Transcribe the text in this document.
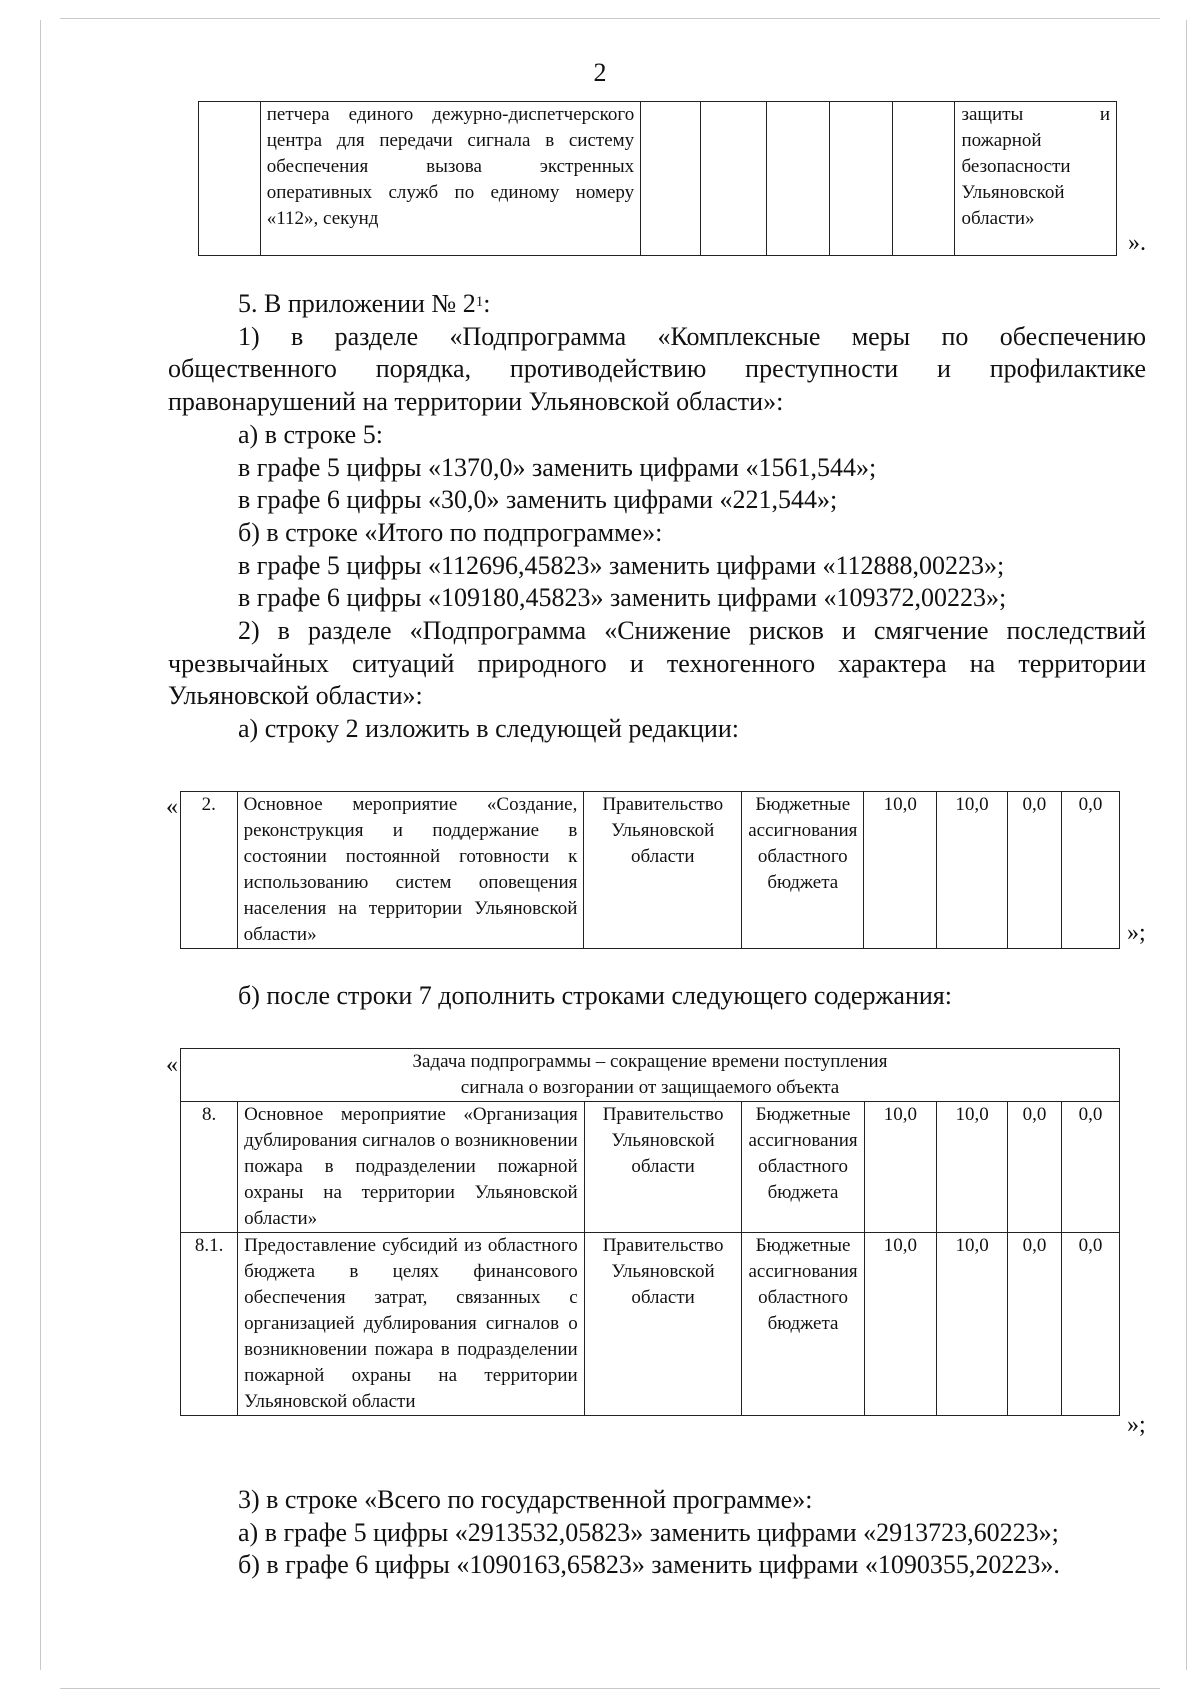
2
	петчера единого дежурно-диспетчерского центра для передачи сигнала в систему обеспечения вызова экстренных оперативных служб по единому номеру «112», секунд						защиты и пожарной безопасности Ульяновской области»
».

5. В приложении № $2^1$:

1) в разделе «Подпрограмма «Комплексные меры по обеспечению

общественного порядка, противодействию преступности и профилактике

правонарушений на территории Ульяновской области»:

а) в строке 5:

в графе 5 цифры «1370,0» заменить цифрами «1561,544»;

в графе 6 цифры «30,0» заменить цифрами «221,544»;

б) в строке «Итого по подпрограмме»:

в графе 5 цифры «112696,45823» заменить цифрами «112888,00223»;

в графе 6 цифры «109180,45823» заменить цифрами «109372,00223»;

2) в разделе «Подпрограмма «Снижение рисков и смягчение последствий

чрезвычайных ситуаций природного и техногенного характера на территории

Ульяновской области»:

а) строку 2 изложить в следующей редакции:

« 2.	Основное мероприятие «Создание, реконструкция и поддержание в состоянии постоянной готовности к использованию систем оповещения населения на территории Ульяновской области»	Правительство Ульяновской области	Бюджетные ассигнования областного бюджета	10,0	10,0	0,0	0,0
»;

б) после строки 7 дополнить строками следующего содержания:

«	Задача подпрограммы – сокращение времени поступления сигнала о возгорании от защищаемого объекта							
8.	Основное мероприятие «Организация дублирования сигналов о возникновении пожара в подразделении пожарной охраны на территории Ульяновской области»	Правительство Ульяновской области	Бюджетные ассигнования областного бюджета	10,0	10,0	0,0	0,0
8.1.	Предоставление субсидий из областного бюджета в целях финансового обеспечения затрат, связанных с организацией дублирования сигналов о возникновении пожара в подразделении пожарной охраны на территории Ульяновской области	Правительство Ульяновской области	Бюджетные ассигнования областного бюджета	10,0	10,0	0,0	0,0
»;

3) в строке «Всего по государственной программе»:

а) в графе 5 цифры «2913532,05823» заменить цифрами «2913723,60223»;

б) в графе 6 цифры «1090163,65823» заменить цифрами «1090355,20223».
